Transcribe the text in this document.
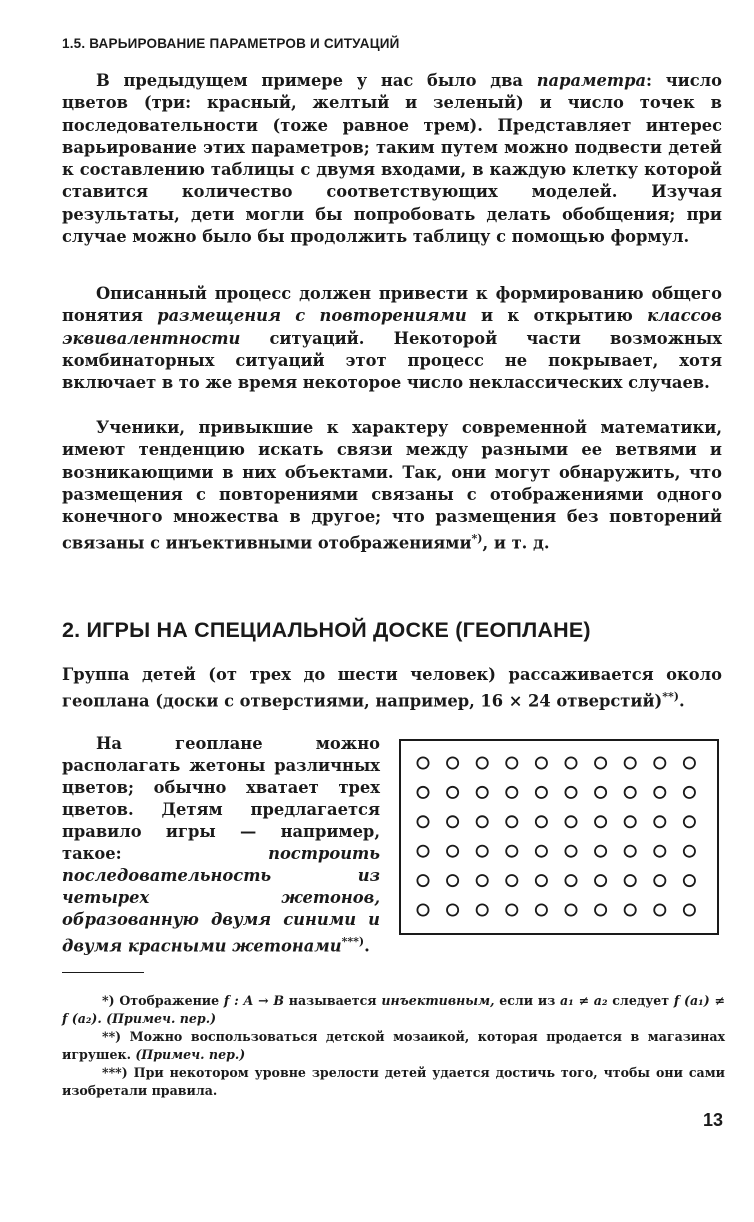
1.5. ВАРЬИРОВАНИЕ ПАРАМЕТРОВ И СИТУАЦИЙ
В предыдущем примере у нас было два параметра: число цветов (три: красный, желтый и зеленый) и число точек в последовательности (тоже равное трем). Представляет интерес варьирование этих параметров; таким путем можно подвести детей к составлению таблицы с двумя входами, в каждую клетку которой ставится количество соответствующих моделей. Изучая результаты, дети могли бы попробовать делать обобщения; при случае можно было бы продолжить таблицу с помощью формул.
Описанный процесс должен привести к формированию общего понятия размещения с повторениями и к открытию классов эквивалентности ситуаций. Некоторой части возможных комбинаторных ситуаций этот процесс не покрывает, хотя включает в то же время некоторое число неклассических случаев.
Ученики, привыкшие к характеру современной математики, имеют тенденцию искать связи между разными ее ветвями и возникающими в них объектами. Так, они могут обнаружить, что размещения с повторениями связаны с отображениями одного конечного множества в другое; что размещения без повторений связаны с инъективными отображениями*), и т. д.
2. ИГРЫ НА СПЕЦИАЛЬНОЙ ДОСКЕ (ГЕОПЛАНЕ)
Группа детей (от трех до шести человек) рассаживается около геоплана (доски с отверстиями, например, 16 × 24 отверстий)**).
На геоплане можно располагать жетоны различных цветов; обычно хватает трех цветов. Детям предлагается правило игры — например, такое: построить последовательность из четырех жетонов, образованную двумя синими и двумя красными жетонами***).
*) Отображение f : A → B называется инъективным, если из a₁ ≠ a₂ следует f (a₁) ≠ f (a₂). (Примеч. пер.)
**) Можно воспользоваться детской мозаикой, которая продается в магазинах игрушек. (Примеч. пер.)
***) При некотором уровне зрелости детей удается достичь того, чтобы они сами изобретали правила.
13
